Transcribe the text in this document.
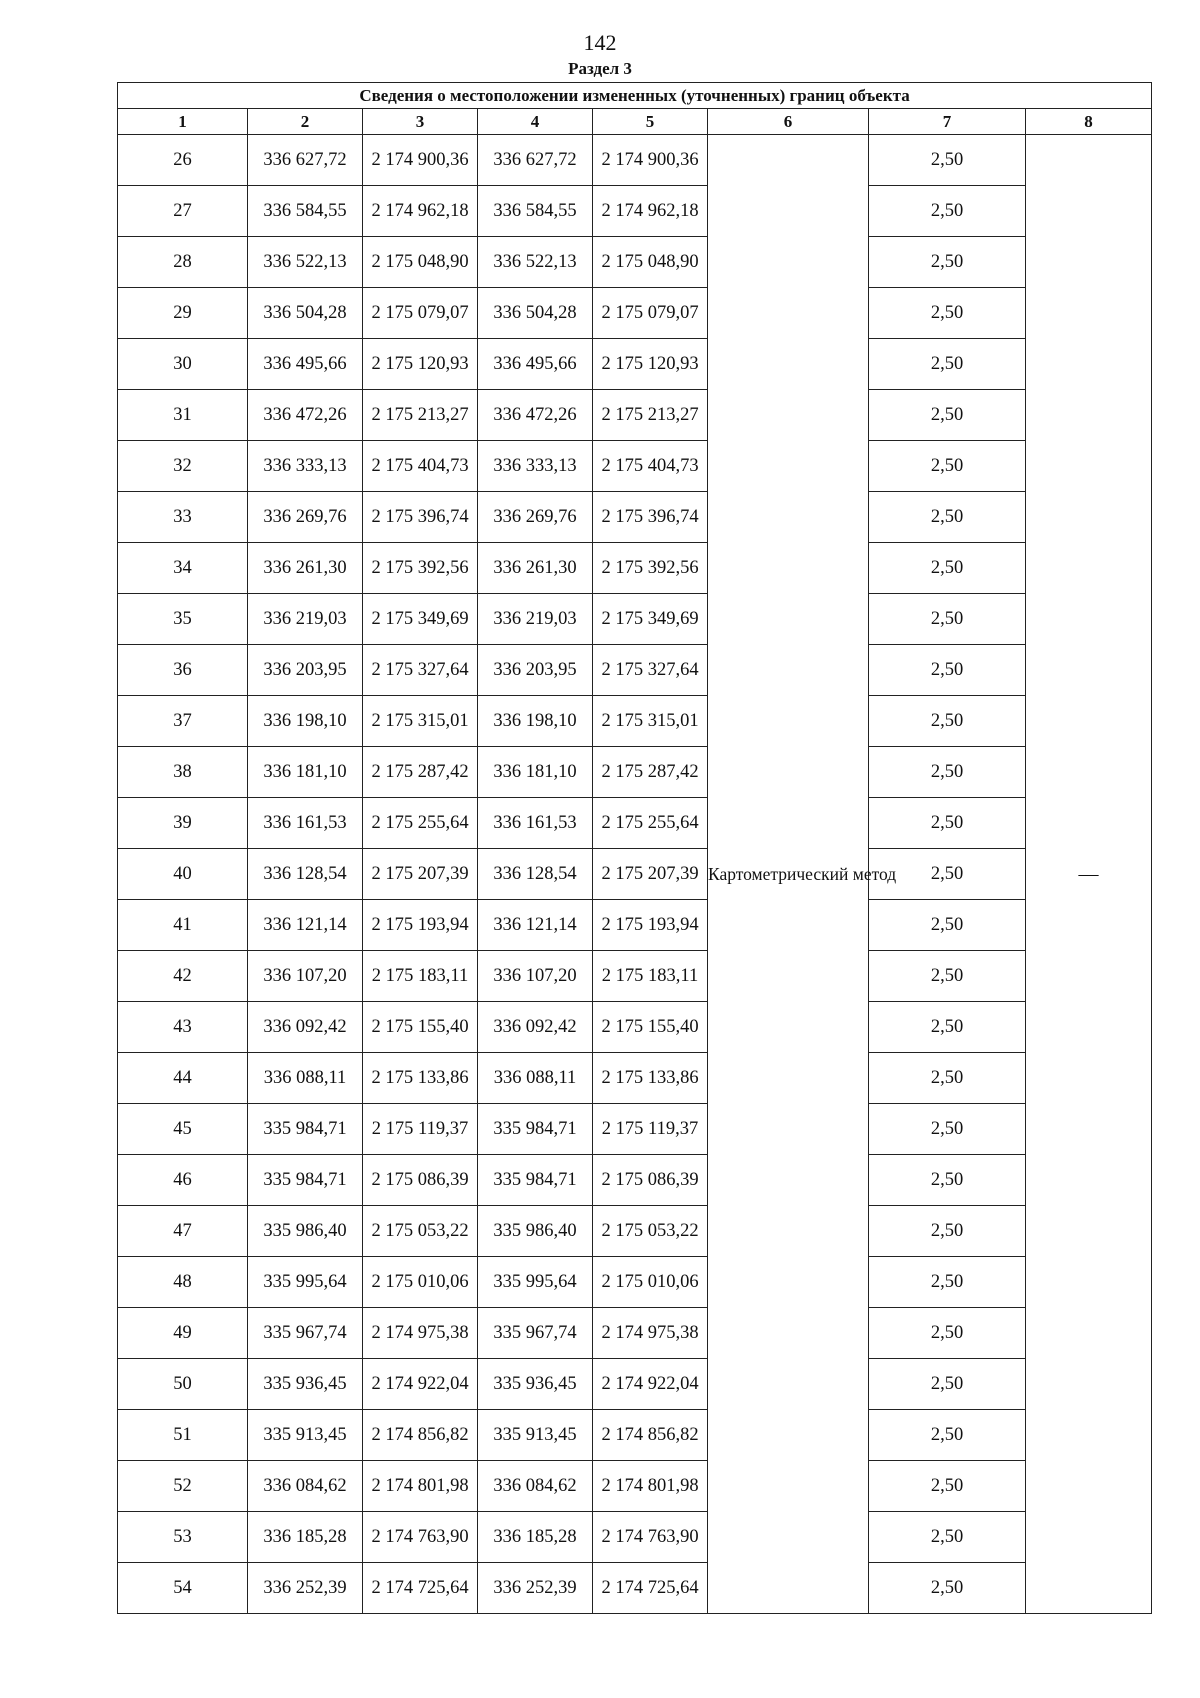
142
Раздел 3
Сведения о местоположении измененных (уточненных) границ объекта							
1	2	3	4	5	6	7	8
26	336 627,72	2 174 900,36	336 627,72	2 174 900,36	Картометрический метод	2,50	—
27	336 584,55	2 174 962,18	336 584,55	2 174 962,18		2,50	
28	336 522,13	2 175 048,90	336 522,13	2 175 048,90		2,50	
29	336 504,28	2 175 079,07	336 504,28	2 175 079,07		2,50	
30	336 495,66	2 175 120,93	336 495,66	2 175 120,93		2,50	
31	336 472,26	2 175 213,27	336 472,26	2 175 213,27		2,50	
32	336 333,13	2 175 404,73	336 333,13	2 175 404,73		2,50	
33	336 269,76	2 175 396,74	336 269,76	2 175 396,74		2,50	
34	336 261,30	2 175 392,56	336 261,30	2 175 392,56		2,50	
35	336 219,03	2 175 349,69	336 219,03	2 175 349,69		2,50	
36	336 203,95	2 175 327,64	336 203,95	2 175 327,64		2,50	
37	336 198,10	2 175 315,01	336 198,10	2 175 315,01		2,50	
38	336 181,10	2 175 287,42	336 181,10	2 175 287,42		2,50	
39	336 161,53	2 175 255,64	336 161,53	2 175 255,64		2,50	
40	336 128,54	2 175 207,39	336 128,54	2 175 207,39		2,50	
41	336 121,14	2 175 193,94	336 121,14	2 175 193,94		2,50	
42	336 107,20	2 175 183,11	336 107,20	2 175 183,11		2,50	
43	336 092,42	2 175 155,40	336 092,42	2 175 155,40		2,50	
44	336 088,11	2 175 133,86	336 088,11	2 175 133,86		2,50	
45	335 984,71	2 175 119,37	335 984,71	2 175 119,37		2,50	
46	335 984,71	2 175 086,39	335 984,71	2 175 086,39		2,50	
47	335 986,40	2 175 053,22	335 986,40	2 175 053,22		2,50	
48	335 995,64	2 175 010,06	335 995,64	2 175 010,06		2,50	
49	335 967,74	2 174 975,38	335 967,74	2 174 975,38		2,50	
50	335 936,45	2 174 922,04	335 936,45	2 174 922,04		2,50	
51	335 913,45	2 174 856,82	335 913,45	2 174 856,82		2,50	
52	336 084,62	2 174 801,98	336 084,62	2 174 801,98		2,50	
53	336 185,28	2 174 763,90	336 185,28	2 174 763,90		2,50	
54	336 252,39	2 174 725,64	336 252,39	2 174 725,64		2,50	
